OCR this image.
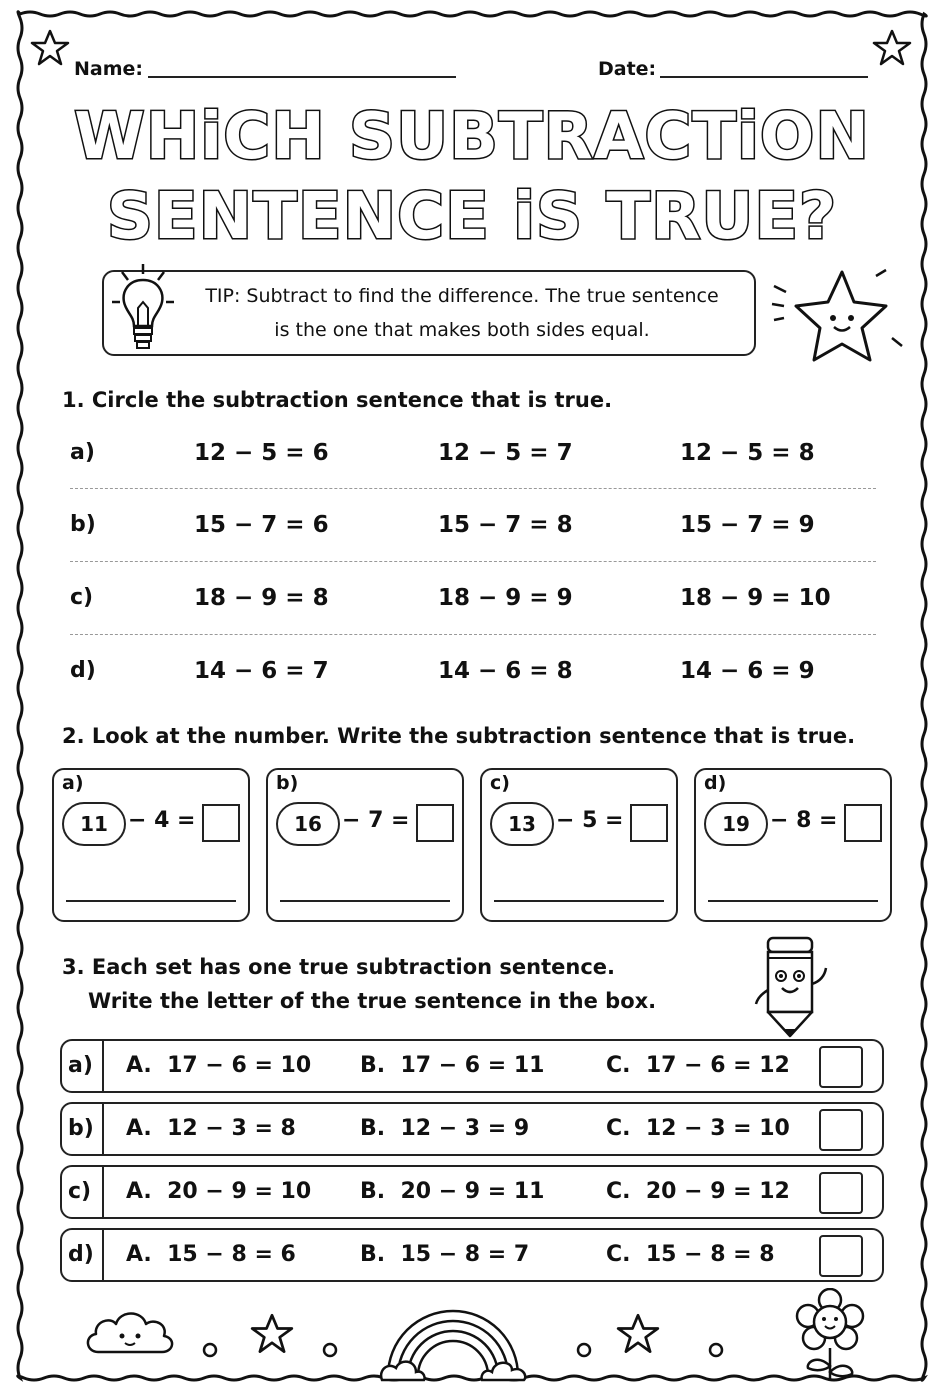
Name:	Date:
WHiCH SUBTRACTiON
SENTENCE iS TRUE?
TIP: Subtract to find the difference. The true sentence
is the one that makes both sides equal.
1. Circle the subtraction sentence that is true.
a)	12 − 5 = 6	12 − 5 = 7	12 − 5 = 8
b)	15 − 7 = 6	15 − 7 = 8	15 − 7 = 9
c)	18 − 9 = 8	18 − 9 = 9	18 − 9 = 10
d)	14 − 6 = 7	14 − 6 = 8	14 − 6 = 9
2. Look at the number. Write the subtraction sentence that is true.
a)
11 − 4 =
b)
16 − 7 =
c)
13 − 5 =
d)
19 − 8 =
3. Each set has one true subtraction sentence.
Write the letter of the true sentence in the box.
a) A.  17 − 6 = 10 B.  17 − 6 = 11	C.  17 − 6 = 12
b) A.  12 − 3 = 8	B.  12 − 3 = 9	C.  12 − 3 = 10
c) A.  20 − 9 = 10 B.  20 − 9 = 11	C.  20 − 9 = 12
d) A.  15 − 8 = 6	B.  15 − 8 = 7	C.  15 − 8 = 8
